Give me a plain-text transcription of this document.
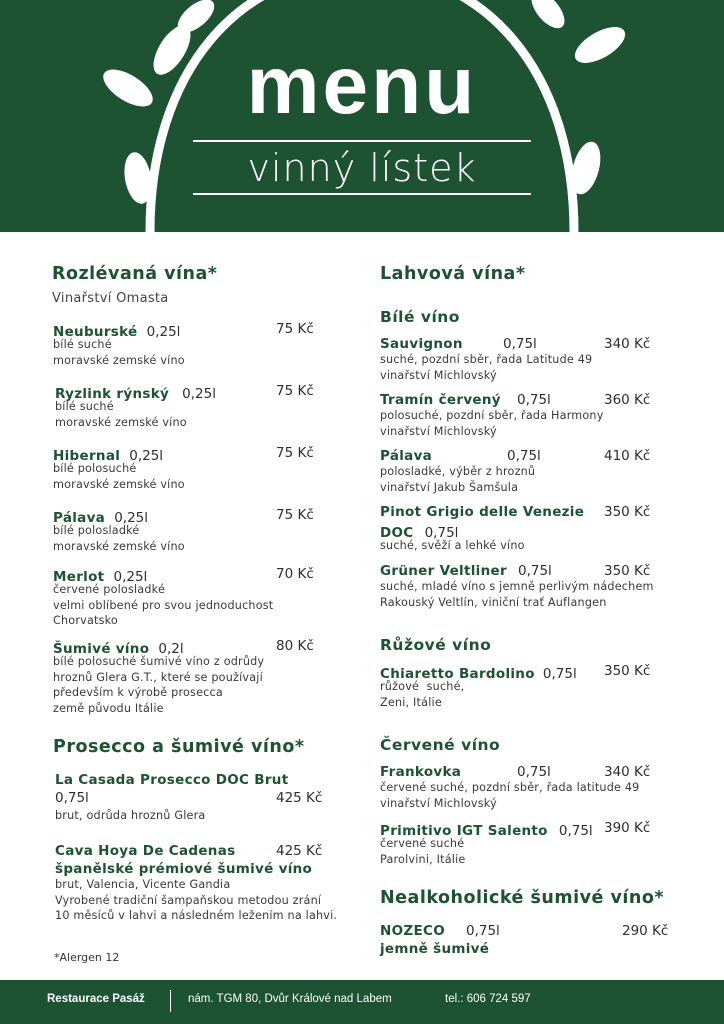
menu
vinný lístek
Rozlévaná vína*
Vinařství Omasta
Neuburské 0,25l	75 Kč
bílé suché
moravské zemské víno
Ryzlink rýnský 0,25l	75 Kč
bílé suché
moravské zemské víno
Hibernal 0,25l	75 Kč
bílé polosuché
moravské zemské víno
Pálava 0,25l	75 Kč
bílé polosladké
moravské zemské víno
Merlot 0,25l	70 Kč
červené polosladké
velmi oblíbené pro svou jednoduchost
Chorvatsko
Šumivé víno 0,2l	80 Kč
bílé polosuché šumivé víno z odrůdy
hroznů Glera G.T., které se používají
především k výrobě prosecca
země původu Itálie
Prosecco a šumivé víno*
La Casada Prosecco DOC Brut
0,75l	425 Kč
brut, odrůda hroznů Glera
Cava Hoya De Cadenas	425 Kč
španělské prémiové šumivé víno
brut, Valencia, Vicente Gandia
Vyrobené tradiční šampaňskou metodou zrání
10 měsíců v lahvi a následném ležením na lahvi.
*Alergen 12
Lahvová vína*
Bílé víno
Sauvignon	0,75l	340 Kč
suché, pozdní sběr, řada Latitude 49
vinařství Michlovský
Tramín červený 0,75l	360 Kč
polosuché, pozdní sběr, řada Harmony
vinařství Michlovský
Pálava	0,75l	410 Kč
polosladké, výběr z hroznů
vinařství Jakub Šamšula
Pinot Grigio delle Venezie 350 Kč
DOC 0,75l
suché, svěží a lehké víno
Grüner Veltliner 0,75l	350 Kč
suché, mladé víno s jemně perlivým nádechem
Rakouský Veltlín, viniční trať Auflangen
Růžové víno
Chiaretto Bardolino 0,75l 350 Kč
růžové  suché,
Zeni, Itálie
Červené víno
Frankovka	0,75l	340 Kč
červené suché, pozdní sběr, řada latitude 49
vinařství Michlovský
Primitivo IGT Salento 0,75l 390 Kč
červené suché
Parolvini, Itálie
Nealkoholické šumivé víno*
NOZECO 0,75l	290 Kč
jemně šumivé
Restaurace Pasáž	nám. TGM 80, Dvůr Králové nad Labem	tel.: 606 724 597
